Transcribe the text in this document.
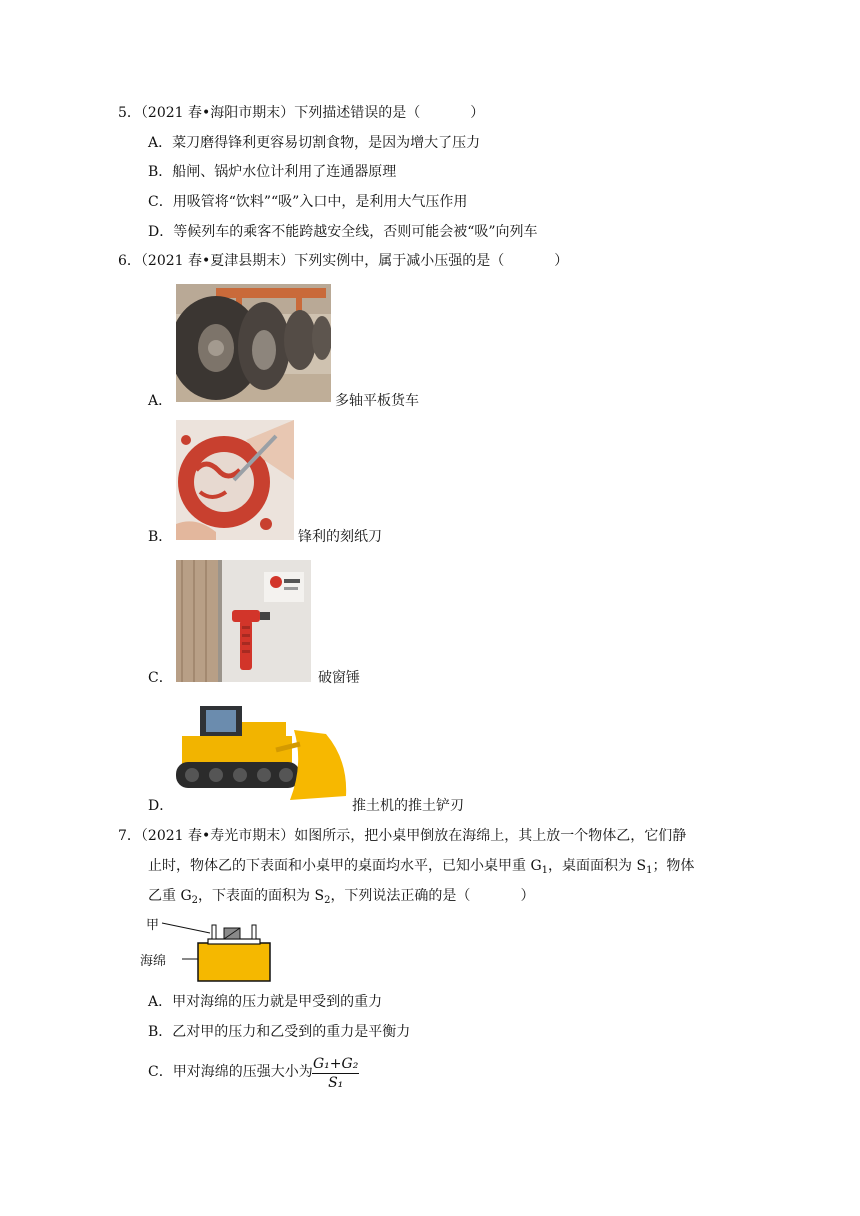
5．（2021 春•海阳市期末）下列描述错误的是（	）
A．菜刀磨得锋利更容易切割食物，是因为增大了压力
B．船闸、锅炉水位计利用了连通器原理
C．用吸管将“饮料”“吸”入口中，是利用大气压作用
D．等候列车的乘客不能跨越安全线，否则可能会被“吸”向列车
6．（2021 春•夏津县期末）下列实例中，属于减小压强的是（	）
A．	多轴平板货车
B．	锋利的刻纸刀
C．	破窗锤
D．	推土机的推土铲刃
7．（2021 春•寿光市期末）如图所示，把小桌甲倒放在海绵上，其上放一个物体乙，它们静
止时，物体乙的下表面和小桌甲的桌面均水平，已知小桌甲重 $G_1$，桌面面积为 $S_1$；物体
乙重 $G_2$，下表面的面积为 $S_2$，下列说法正确的是（	）
甲
海绵
A．甲对海绵的压力就是甲受到的重力
B．乙对甲的压力和乙受到的重力是平衡力
C．甲对海绵的压强大小为 $\frac{\text{G₁+G₂}}{\text{S₁}}$
